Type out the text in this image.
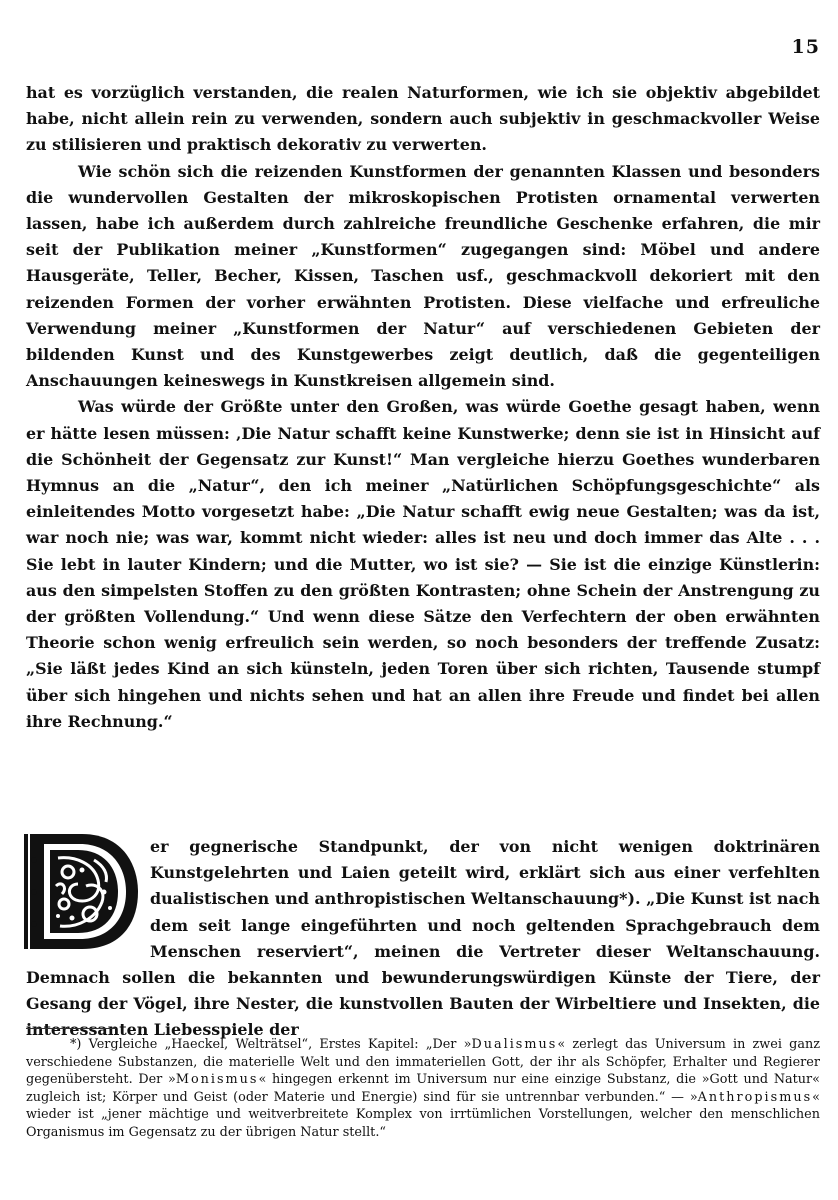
15

hat es vorzüglich verstanden, die realen Naturformen, wie ich sie objektiv abgebildet habe, nicht allein rein zu verwenden, sondern auch subjektiv in geschmackvoller Weise zu stilisieren und praktisch dekorativ zu verwerten.

Wie schön sich die reizenden Kunstformen der genannten Klassen und besonders die wundervollen Gestalten der mikroskopischen Protisten ornamental verwerten lassen, habe ich außerdem durch zahlreiche freundliche Geschenke erfahren, die mir seit der Publikation meiner „Kunstformen“ zugegangen sind: Möbel und andere Hausgeräte, Teller, Becher, Kissen, Taschen usf., geschmackvoll dekoriert mit den reizenden Formen der vorher erwähnten Protisten. Diese vielfache und erfreuliche Verwendung meiner „Kunstformen der Natur“ auf verschiedenen Gebieten der bildenden Kunst und des Kunstgewerbes zeigt deutlich, daß die gegenteiligen Anschauungen keineswegs in Kunstkreisen allgemein sind.

Was würde der Größte unter den Großen, was würde Goethe gesagt haben, wenn er hätte lesen müssen: ‚Die Natur schafft keine Kunstwerke; denn sie ist in Hinsicht auf die Schönheit der Gegensatz zur Kunst!“ Man vergleiche hierzu Goethes wunderbaren Hymnus an die „Natur“, den ich meiner „Natürlichen Schöpfungsgeschichte“ als einleitendes Motto vorgesetzt habe: „Die Natur schafft ewig neue Gestalten; was da ist, war noch nie; was war, kommt nicht wieder: alles ist neu und doch immer das Alte . . . Sie lebt in lauter Kindern; und die Mutter, wo ist sie? — Sie ist die einzige Künstlerin: aus den simpelsten Stoffen zu den größten Kontrasten; ohne Schein der Anstrengung zu der größten Vollendung.“ Und wenn diese Sätze den Verfechtern der oben erwähnten Theorie schon wenig erfreulich sein werden, so noch besonders der treffende Zusatz: „Sie läßt jedes Kind an sich künsteln, jeden Toren über sich richten, Tausende stumpf über sich hingehen und nichts sehen und hat an allen ihre Freude und findet bei allen ihre Rechnung.“

er gegnerische Standpunkt, der von nicht wenigen doktrinären Kunstgelehrten und Laien geteilt wird, erklärt sich aus einer verfehlten dualistischen und anthropistischen Weltanschauung*). „Die Kunst ist nach dem seit lange eingeführten und noch geltenden Sprachgebrauch dem Menschen reserviert“, meinen die Vertreter dieser Weltanschauung. Demnach sollen die bekannten und bewunderungswürdigen Künste der Tiere, der Gesang der Vögel, ihre Nester, die kunstvollen Bauten der Wirbeltiere und Insekten, die interessanten Liebesspiele der

*) Vergleiche „Haeckel, Welträtsel“, Erstes Kapitel: „Der »Dualismus« zerlegt das Universum in zwei ganz verschiedene Substanzen, die materielle Welt und den immateriellen Gott, der ihr als Schöpfer, Erhalter und Regierer gegenübersteht. Der »Monismus« hingegen erkennt im Universum nur eine einzige Substanz, die »Gott und Natur« zugleich ist; Körper und Geist (oder Materie und Energie) sind für sie untrennbar verbunden.“ — »Anthropismus« wieder ist „jener mächtige und weitverbreitete Komplex von irrtümlichen Vorstellungen, welcher den menschlichen Organismus im Gegensatz zu der übrigen Natur stellt.“
